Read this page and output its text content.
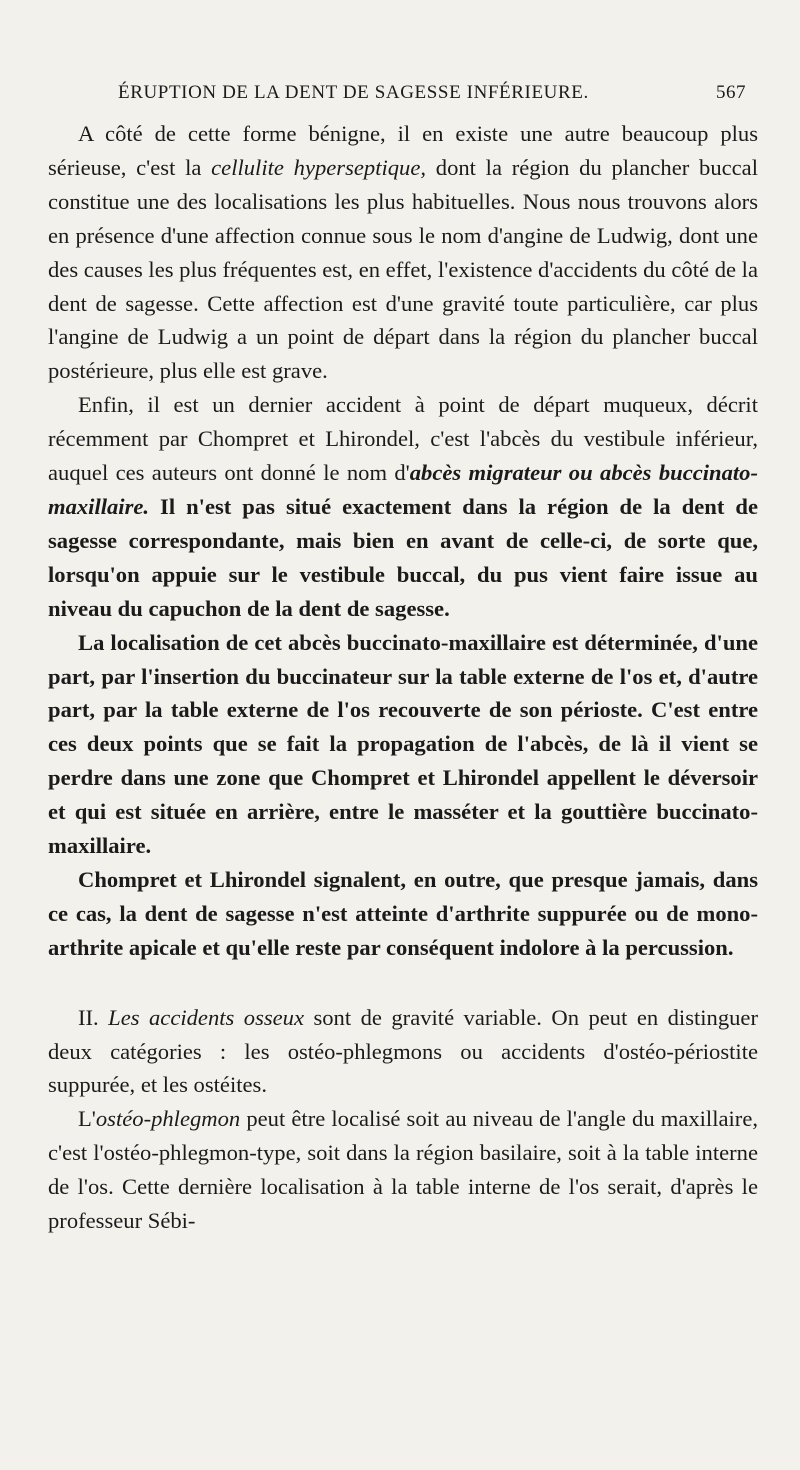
ÉRUPTION DE LA DENT DE SAGESSE INFÉRIEURE.	567

A côté de cette forme bénigne, il en existe une autre beaucoup plus sérieuse, c'est la cellulite hyperseptique, dont la région du plancher buccal constitue une des localisations les plus habituelles. Nous nous trouvons alors en présence d'une affection connue sous le nom d'angine de Ludwig, dont une des causes les plus fréquentes est, en effet, l'existence d'accidents du côté de la dent de sagesse. Cette affection est d'une gravité toute particulière, car plus l'angine de Ludwig a un point de départ dans la région du plancher buccal postérieure, plus elle est grave.

Enfin, il est un dernier accident à point de départ muqueux, décrit récemment par Chompret et Lhirondel, c'est l'abcès du vestibule inférieur, auquel ces auteurs ont donné le nom d'abcès migrateur ou abcès buccinato-maxillaire. Il n'est pas situé exactement dans la région de la dent de sagesse correspondante, mais bien en avant de celle-ci, de sorte que, lorsqu'on appuie sur le vestibule buccal, du pus vient faire issue au niveau du capuchon de la dent de sagesse.

La localisation de cet abcès buccinato-maxillaire est déterminée, d'une part, par l'insertion du buccinateur sur la table externe de l'os et, d'autre part, par la table externe de l'os recouverte de son périoste. C'est entre ces deux points que se fait la propagation de l'abcès, de là il vient se perdre dans une zone que Chompret et Lhirondel appellent le déversoir et qui est située en arrière, entre le masséter et la gouttière buccinato-maxillaire.

Chompret et Lhirondel signalent, en outre, que presque jamais, dans ce cas, la dent de sagesse n'est atteinte d'arthrite suppurée ou de mono-arthrite apicale et qu'elle reste par conséquent indolore à la percussion.

II. Les accidents osseux sont de gravité variable. On peut en distinguer deux catégories : les ostéo-phlegmons ou accidents d'ostéo-périostite suppurée, et les ostéites.

L'ostéo-phlegmon peut être localisé soit au niveau de l'angle du maxillaire, c'est l'ostéo-phlegmon-type, soit dans la région basilaire, soit à la table interne de l'os. Cette dernière localisation à la table interne de l'os serait, d'après le professeur Sébi-
